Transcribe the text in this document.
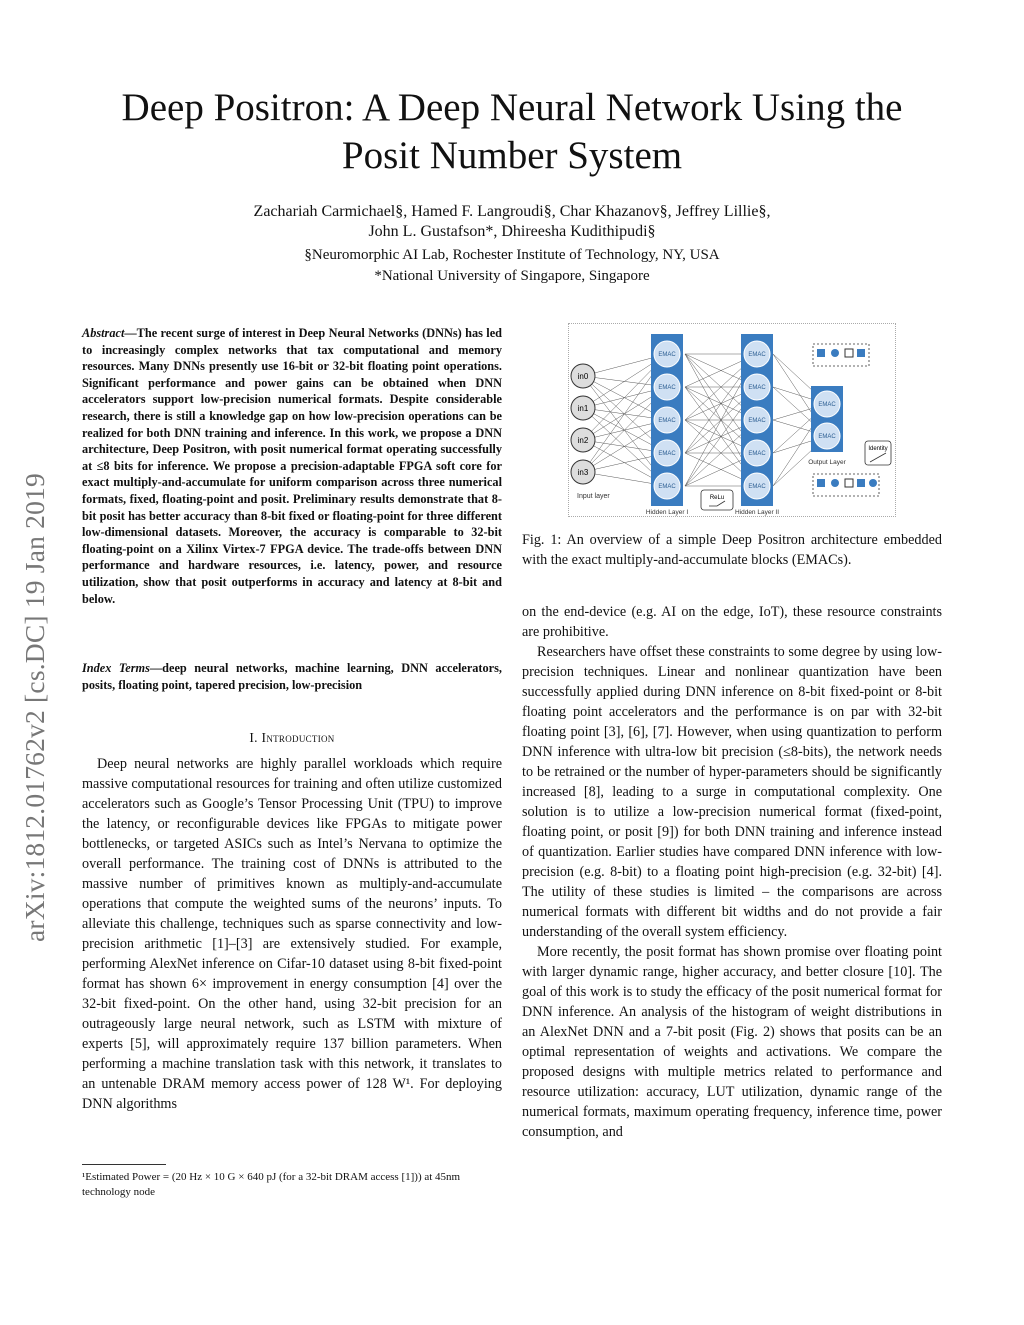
Deep Positron: A Deep Neural Network Using the
Posit Number System
Zachariah Carmichael§, Hamed F. Langroudi§, Char Khazanov§, Jeffrey Lillie§,
John L. Gustafson*, Dhireesha Kudithipudi§
§Neuromorphic AI Lab, Rochester Institute of Technology, NY, USA
*National University of Singapore, Singapore
arXiv:1812.01762v2 [cs.DC] 19 Jan 2019
Abstract—The recent surge of interest in Deep Neural Networks (DNNs) has led to increasingly complex networks that tax computational and memory resources. Many DNNs presently use 16-bit or 32-bit floating point operations. Significant performance and power gains can be obtained when DNN accelerators support low-precision numerical formats. Despite considerable research, there is still a knowledge gap on how low-precision operations can be realized for both DNN training and inference. In this work, we propose a DNN architecture, Deep Positron, with posit numerical format operating successfully at ≤8 bits for inference. We propose a precision-adaptable FPGA soft core for exact multiply-and-accumulate for uniform comparison across three numerical formats, fixed, floating-point and posit. Preliminary results demonstrate that 8-bit posit has better accuracy than 8-bit fixed or floating-point for three different low-dimensional datasets. Moreover, the accuracy is comparable to 32-bit floating-point on a Xilinx Virtex-7 FPGA device. The trade-offs between DNN performance and hardware resources, i.e. latency, power, and resource utilization, show that posit outperforms in accuracy and latency at 8-bit and below.
Index Terms—deep neural networks, machine learning, DNN accelerators, posits, floating point, tapered precision, low-precision
I. Introduction

Deep neural networks are highly parallel workloads which require massive computational resources for training and often utilize customized accelerators such as Google’s Tensor Processing Unit (TPU) to improve the latency, or reconfigurable devices like FPGAs to mitigate power bottlenecks, or targeted ASICs such as Intel’s Nervana to optimize the overall performance. The training cost of DNNs is attributed to the massive number of primitives known as multiply-and-accumulate operations that compute the weighted sums of the neurons’ inputs. To alleviate this challenge, techniques such as sparse connectivity and low-precision arithmetic [1]–[3] are extensively studied. For example, performing AlexNet inference on Cifar-10 dataset using 8-bit fixed-point format has shown 6× improvement in energy consumption [4] over the 32-bit fixed-point. On the other hand, using 32-bit precision for an outrageously large neural network, such as LSTM with mixture of experts [5], will approximately require 137 billion parameters. When performing a machine translation task with this network, it translates to an untenable DRAM memory access power of 128 W¹. For deploying DNN algorithms

¹Estimated Power = (20 Hz × 10 G × 640 pJ (for a 32-bit DRAM access [1])) at 45nm technology node
in0
in1
in2
in3
Input layer
EMAC
EMAC
EMAC
EMAC
EMAC
Hidden Layer I
EMAC
EMAC
EMAC
EMAC
EMAC
Hidden Layer II
EMAC
EMAC
Output Layer
ReLu
Identity
Fig. 1: An overview of a simple Deep Positron architecture embedded with the exact multiply-and-accumulate blocks (EMACs).

on the end-device (e.g. AI on the edge, IoT), these resource constraints are prohibitive.

Researchers have offset these constraints to some degree by using low-precision techniques. Linear and nonlinear quantization have been successfully applied during DNN inference on 8-bit fixed-point or 8-bit floating point accelerators and the performance is on par with 32-bit floating point [3], [6], [7]. However, when using quantization to perform DNN inference with ultra-low bit precision (≤8-bits), the network needs to be retrained or the number of hyper-parameters should be significantly increased [8], leading to a surge in computational complexity. One solution is to utilize a low-precision numerical format (fixed-point, floating point, or posit [9]) for both DNN training and inference instead of quantization. Earlier studies have compared DNN inference with low-precision (e.g. 8-bit) to a floating point high-precision (e.g. 32-bit) [4]. The utility of these studies is limited – the comparisons are across numerical formats with different bit widths and do not provide a fair understanding of the overall system efficiency.

More recently, the posit format has shown promise over floating point with larger dynamic range, higher accuracy, and better closure [10]. The goal of this work is to study the efficacy of the posit numerical format for DNN inference. An analysis of the histogram of weight distributions in an AlexNet DNN and a 7-bit posit (Fig. 2) shows that posits can be an optimal representation of weights and activations. We compare the proposed designs with multiple metrics related to performance and resource utilization: accuracy, LUT utilization, dynamic range of the numerical formats, maximum operating frequency, inference time, power consumption, and
